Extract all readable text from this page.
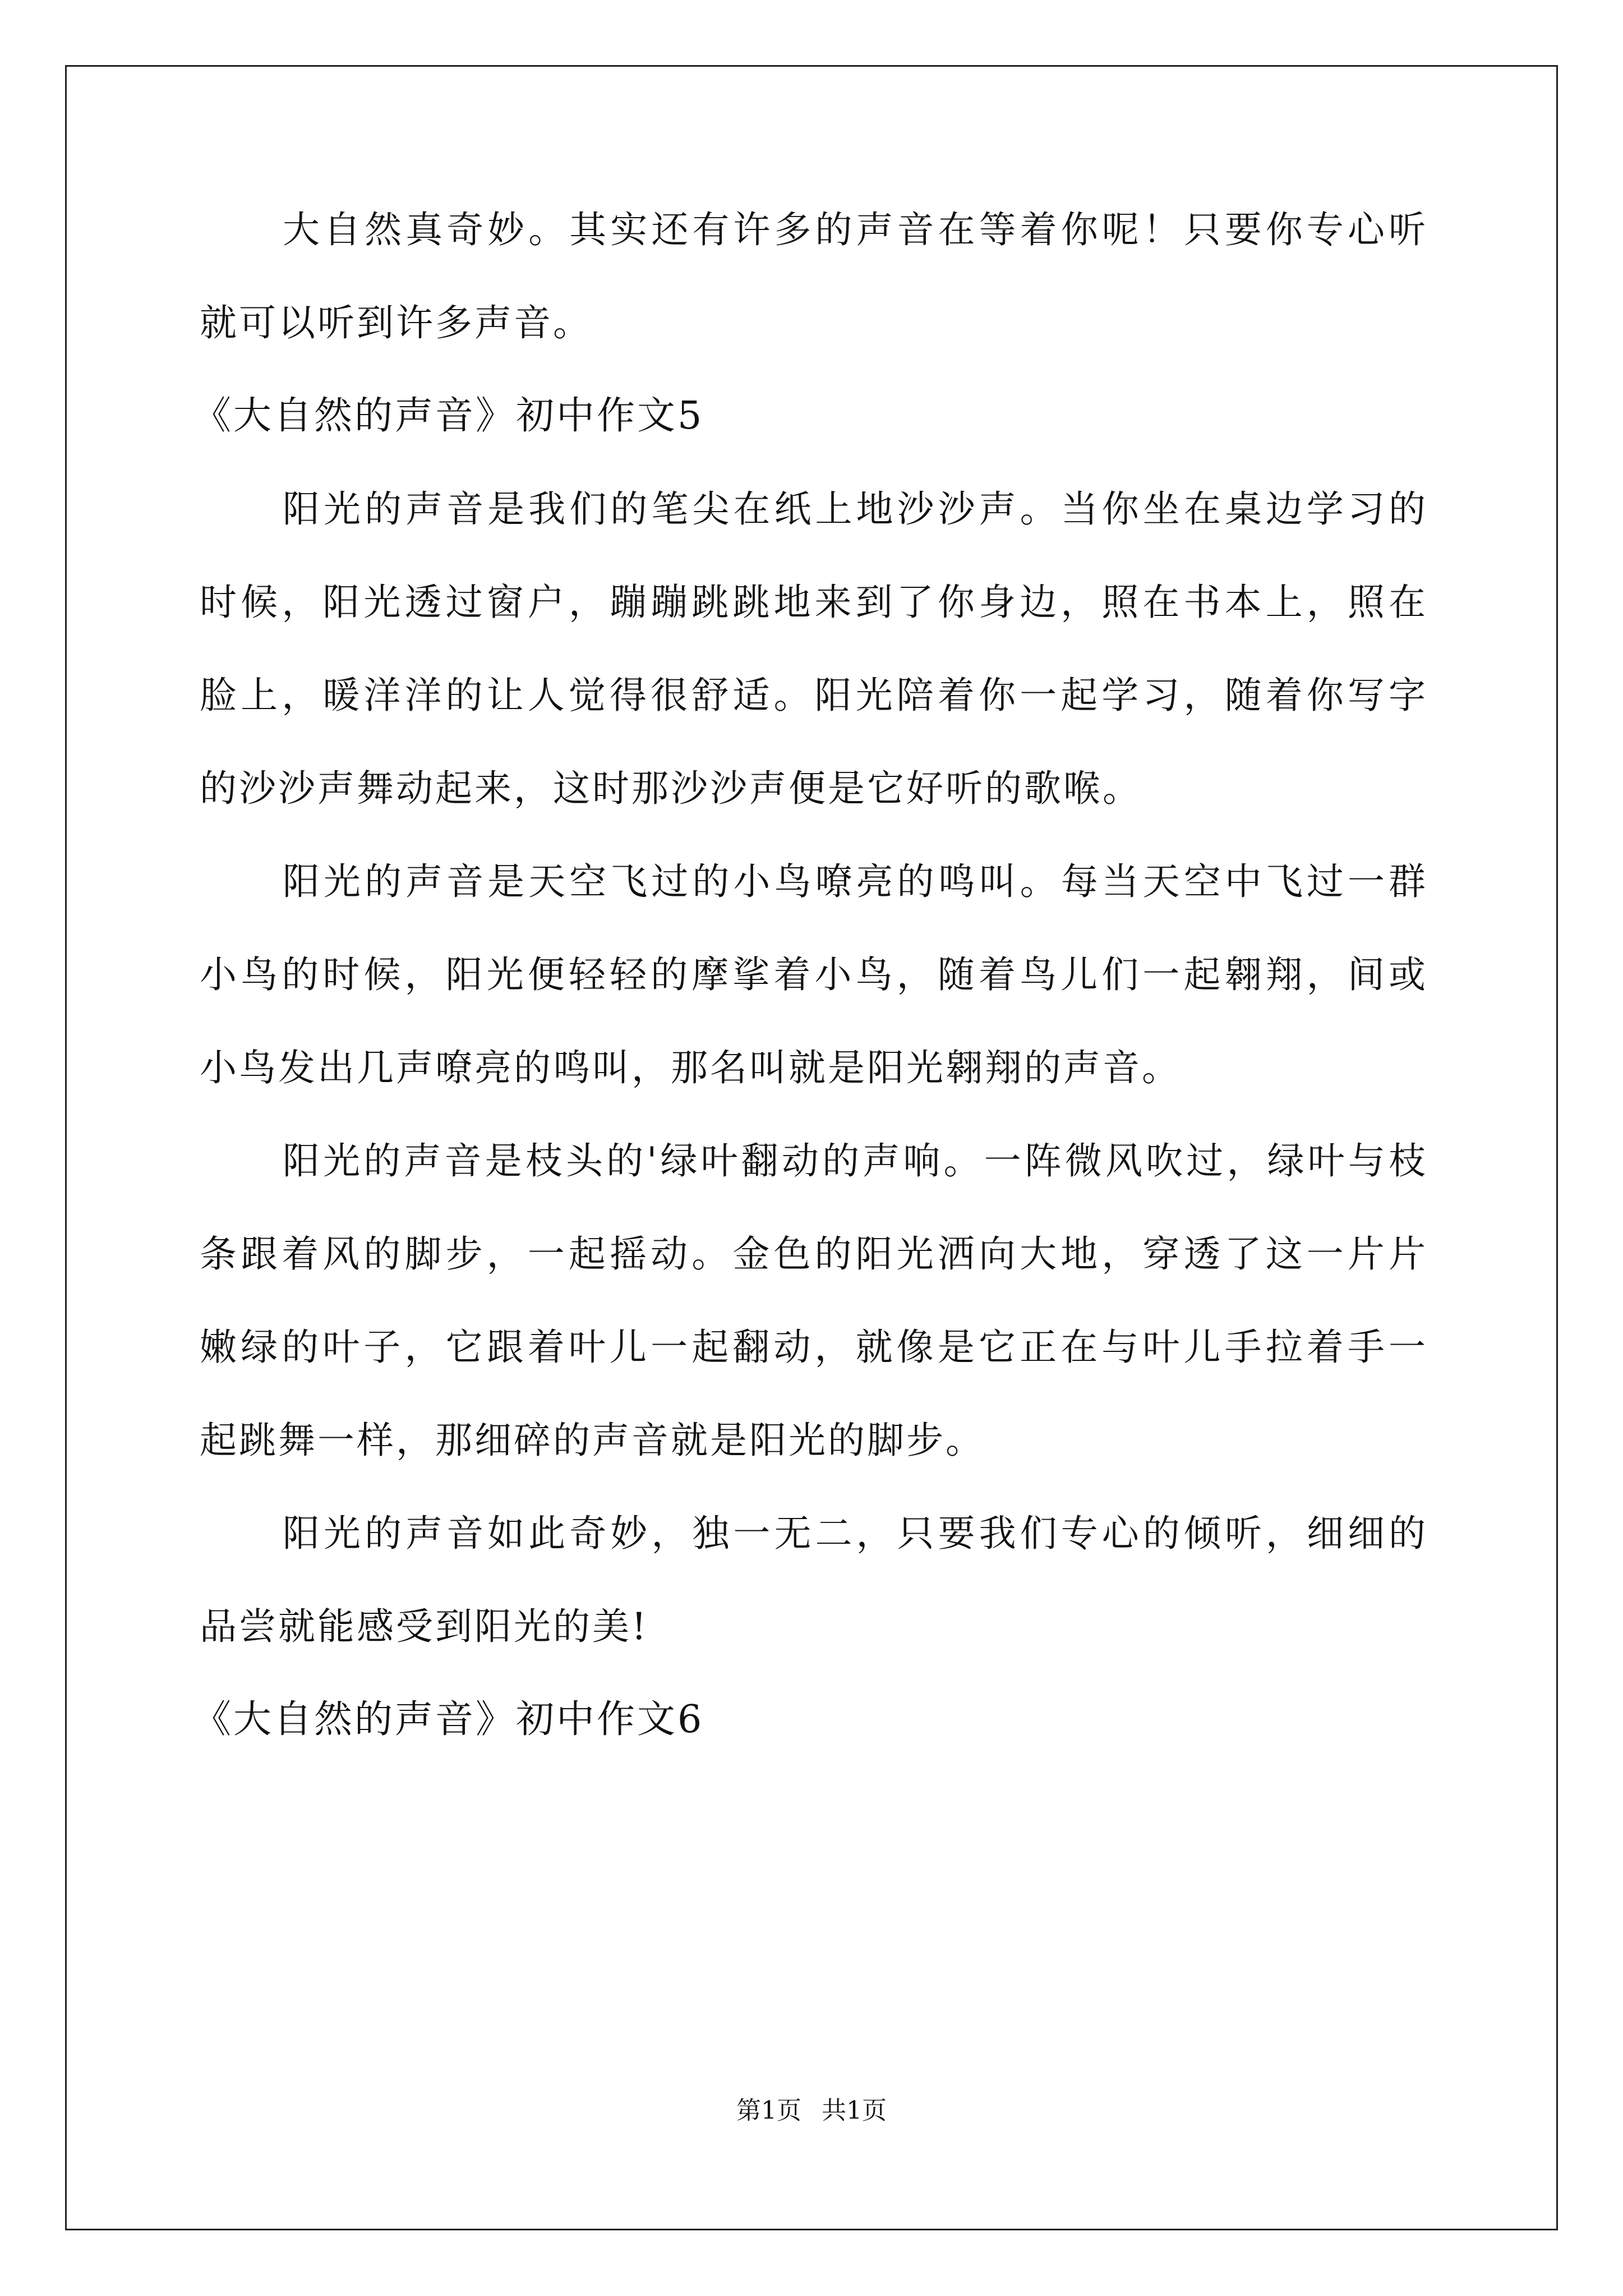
大自然真奇妙。其实还有许多的声音在等着你呢！只要你专心听
就可以听到许多声音。
《大自然的声音》初中作文5
阳光的声音是我们的笔尖在纸上地沙沙声。当你坐在桌边学习的
时候，阳光透过窗户，蹦蹦跳跳地来到了你身边，照在书本上，照在
脸上，暖洋洋的让人觉得很舒适。阳光陪着你一起学习，随着你写字
的沙沙声舞动起来，这时那沙沙声便是它好听的歌喉。
阳光的声音是天空飞过的小鸟嘹亮的鸣叫。每当天空中飞过一群
小鸟的时候，阳光便轻轻的摩挲着小鸟，随着鸟儿们一起翱翔，间或
小鸟发出几声嘹亮的鸣叫，那名叫就是阳光翱翔的声音。
阳光的声音是枝头的'绿叶翻动的声响。一阵微风吹过，绿叶与枝
条跟着风的脚步，一起摇动。金色的阳光洒向大地，穿透了这一片片
嫩绿的叶子，它跟着叶儿一起翻动，就像是它正在与叶儿手拉着手一
起跳舞一样，那细碎的声音就是阳光的脚步。
阳光的声音如此奇妙，独一无二，只要我们专心的倾听，细细的
品尝就能感受到阳光的美!
《大自然的声音》初中作文6
第1页 共1页
